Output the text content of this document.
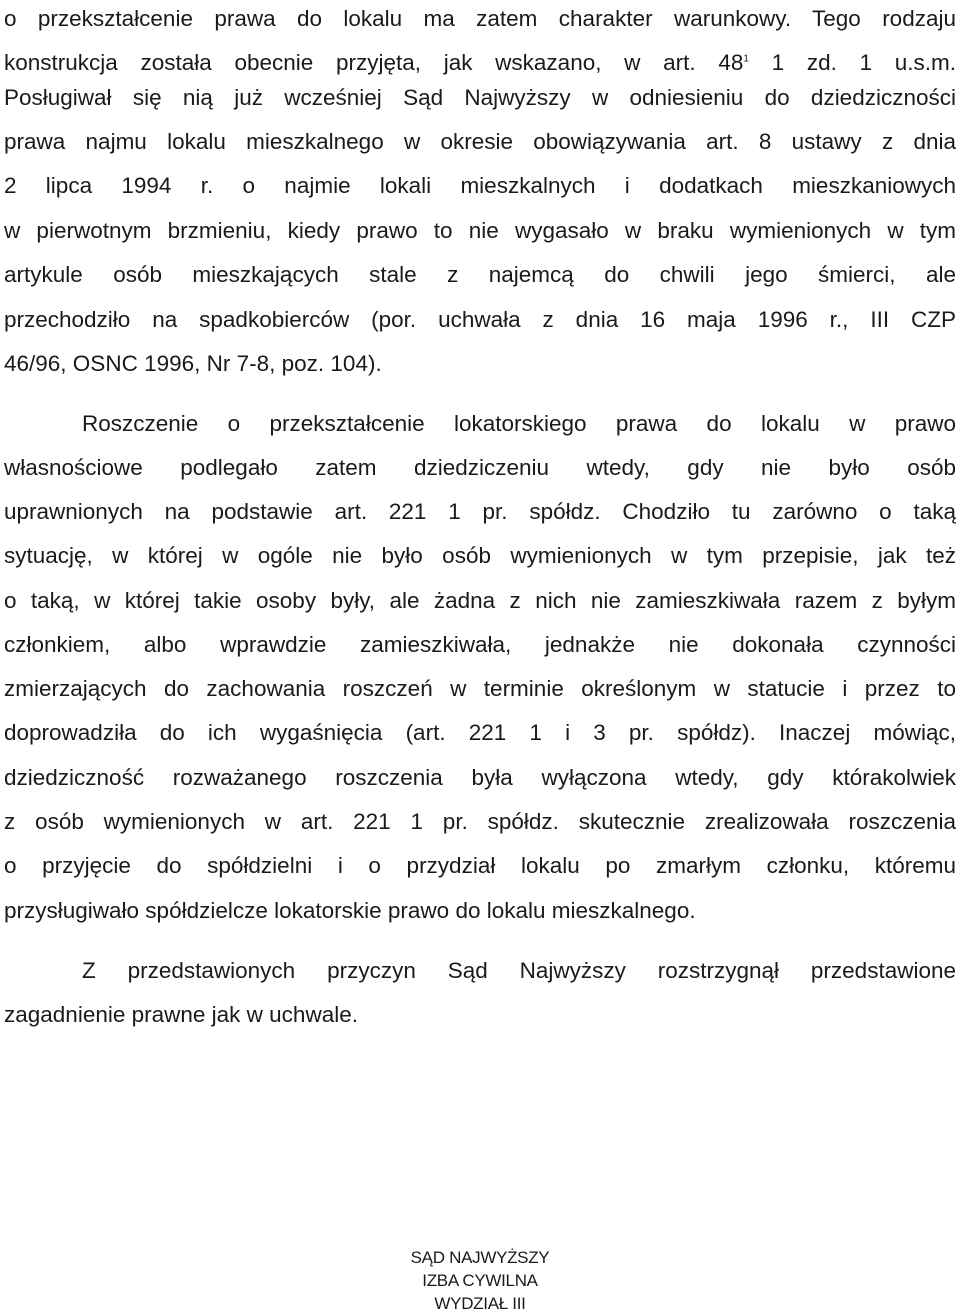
o przekształcenie prawa do lokalu ma zatem charakter warunkowy. Tego rodzaju
konstrukcja została obecnie przyjęta, jak wskazano, w art. $48^1$ 1 zd. 1 u.s.m.
Posługiwał się nią już wcześniej Sąd Najwyższy w odniesieniu do dziedziczności
prawa najmu lokalu mieszkalnego w okresie obowiązywania art. 8 ustawy z dnia
2 lipca 1994 r. o najmie lokali mieszkalnych i dodatkach mieszkaniowych
w pierwotnym brzmieniu, kiedy prawo to nie wygasało w braku wymienionych w tym
artykule osób mieszkających stale z najemcą do chwili jego śmierci, ale
przechodziło na spadkobierców (por. uchwała z dnia 16 maja 1996 r., III CZP
46/96, OSNC 1996, Nr 7-8, poz. 104).
Roszczenie o przekształcenie lokatorskiego prawa do lokalu w prawo
własnościowe podlegało zatem dziedziczeniu wtedy, gdy nie było osób
uprawnionych na podstawie art. 221 1 pr. spółdz. Chodziło tu zarówno o taką
sytuację, w której w ogóle nie było osób wymienionych w tym przepisie, jak też
o taką, w której takie osoby były, ale żadna z nich nie zamieszkiwała razem z byłym
członkiem, albo wprawdzie zamieszkiwała, jednakże nie dokonała czynności
zmierzających do zachowania roszczeń w terminie określonym w statucie i przez to
doprowadziła do ich wygaśnięcia (art. 221 1 i 3 pr. spółdz). Inaczej mówiąc,
dziedziczność rozważanego roszczenia była wyłączona wtedy, gdy którakolwiek
z osób wymienionych w art. 221 1 pr. spółdz. skutecznie zrealizowała roszczenia
o przyjęcie do spółdzielni i o przydział lokalu po zmarłym członku, któremu
przysługiwało spółdzielcze lokatorskie prawo do lokalu mieszkalnego.
Z przedstawionych przyczyn Sąd Najwyższy rozstrzygnął przedstawione
zagadnienie prawne jak w uchwale.
SĄD NAJWYŻSZY
IZBA CYWILNA
WYDZIAŁ III
